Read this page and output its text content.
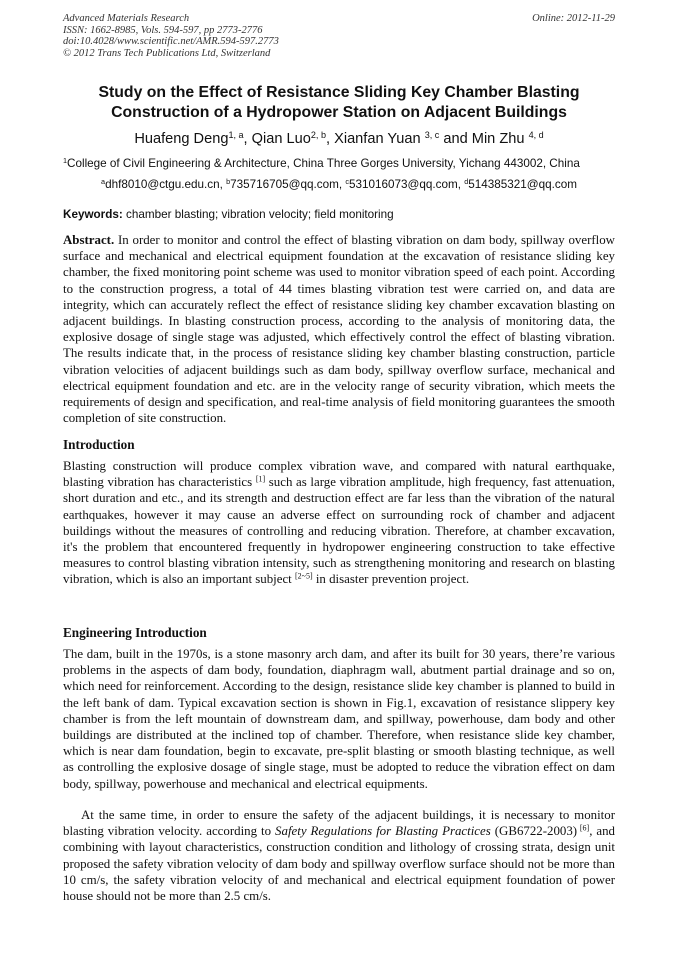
Advanced Materials Research
ISSN: 1662-8985, Vols. 594-597, pp 2773-2776
doi:10.4028/www.scientific.net/AMR.594-597.2773
© 2012 Trans Tech Publications Ltd, Switzerland
Online: 2012-11-29
Study on the Effect of Resistance Sliding Key Chamber Blasting
Construction of a Hydropower Station on Adjacent Buildings
Huafeng Deng$^{1, a}$, Qian Luo$^{2, b}$, Xianfan Yuan $^{3, c}$ and Min Zhu $^{4, d}$
$^1$College of Civil Engineering & Architecture, China Three Gorges University, Yichang 443002, China
$^a$dhf8010@ctgu.edu.cn, $^b$735716705@qq.com, $^c$531016073@qq.com, $^d$514385321@qq.com
Keywords: chamber blasting; vibration velocity; field monitoring

Abstract. In order to monitor and control the effect of blasting vibration on dam body, spillway overflow surface and mechanical and electrical equipment foundation at the excavation of resistance sliding key chamber, the fixed monitoring point scheme was used to monitor vibration speed of each point. According to the construction progress, a total of 44 times blasting vibration test were carried on, and data are integrity, which can accurately reflect the effect of resistance sliding key chamber excavation blasting on adjacent buildings. In blasting construction process, according to the analysis of monitoring data, the explosive dosage of single stage was adjusted, which effectively control the effect of blasting vibration. The results indicate that, in the process of resistance sliding key chamber blasting construction, particle vibration velocities of adjacent buildings such as dam body, spillway overflow surface, mechanical and electrical equipment foundation and etc. are in the velocity range of security vibration, which meets the requirements of design and specification, and real-time analysis of field monitoring guarantees the smooth completion of site construction.

Introduction

Blasting construction will produce complex vibration wave, and compared with natural earthquake, blasting vibration has characteristics [1] such as large vibration amplitude, high frequency, fast attenuation, short duration and etc., and its strength and destruction effect are far less than the vibration of the natural earthquakes, however it may cause an adverse effect on surrounding rock of chamber and adjacent buildings without the measures of controlling and reducing vibration. Therefore, at chamber excavation, it's the problem that encountered frequently in hydropower engineering construction to take effective measures to control blasting vibration intensity, such as strengthening monitoring and research on blasting vibration, which is also an important subject [2~5] in disaster prevention project.

Engineering Introduction

The dam, built in the 1970s, is a stone masonry arch dam, and after its built for 30 years, there’re various problems in the aspects of dam body, foundation, diaphragm wall, abutment partial drainage and so on, which need for reinforcement. According to the design, resistance slide key chamber is planned to build in the left bank of dam. Typical excavation section is shown in Fig.1, excavation of resistance slippery key chamber is from the left mountain of downstream dam, and spillway, powerhouse, dam body and other buildings are distributed at the inclined top of chamber. Therefore, when resistance slide key chamber, which is near dam foundation, begin to excavate, pre-split blasting or smooth blasting technique, as well as controlling the explosive dosage of single stage, must be adopted to reduce the vibration effect on dam body, spillway, powerhouse and mechanical and electrical equipments.

At the same time, in order to ensure the safety of the adjacent buildings, it is necessary to monitor blasting vibration velocity. according to Safety Regulations for Blasting Practices (GB6722-2003) [6], and combining with layout characteristics, construction condition and lithology of crossing strata, design unit proposed the safety vibration velocity of dam body and spillway overflow surface should not be more than 10 cm/s, the safety vibration velocity of and mechanical and electrical equipment foundation of power house should not be more than 2.5 cm/s.
